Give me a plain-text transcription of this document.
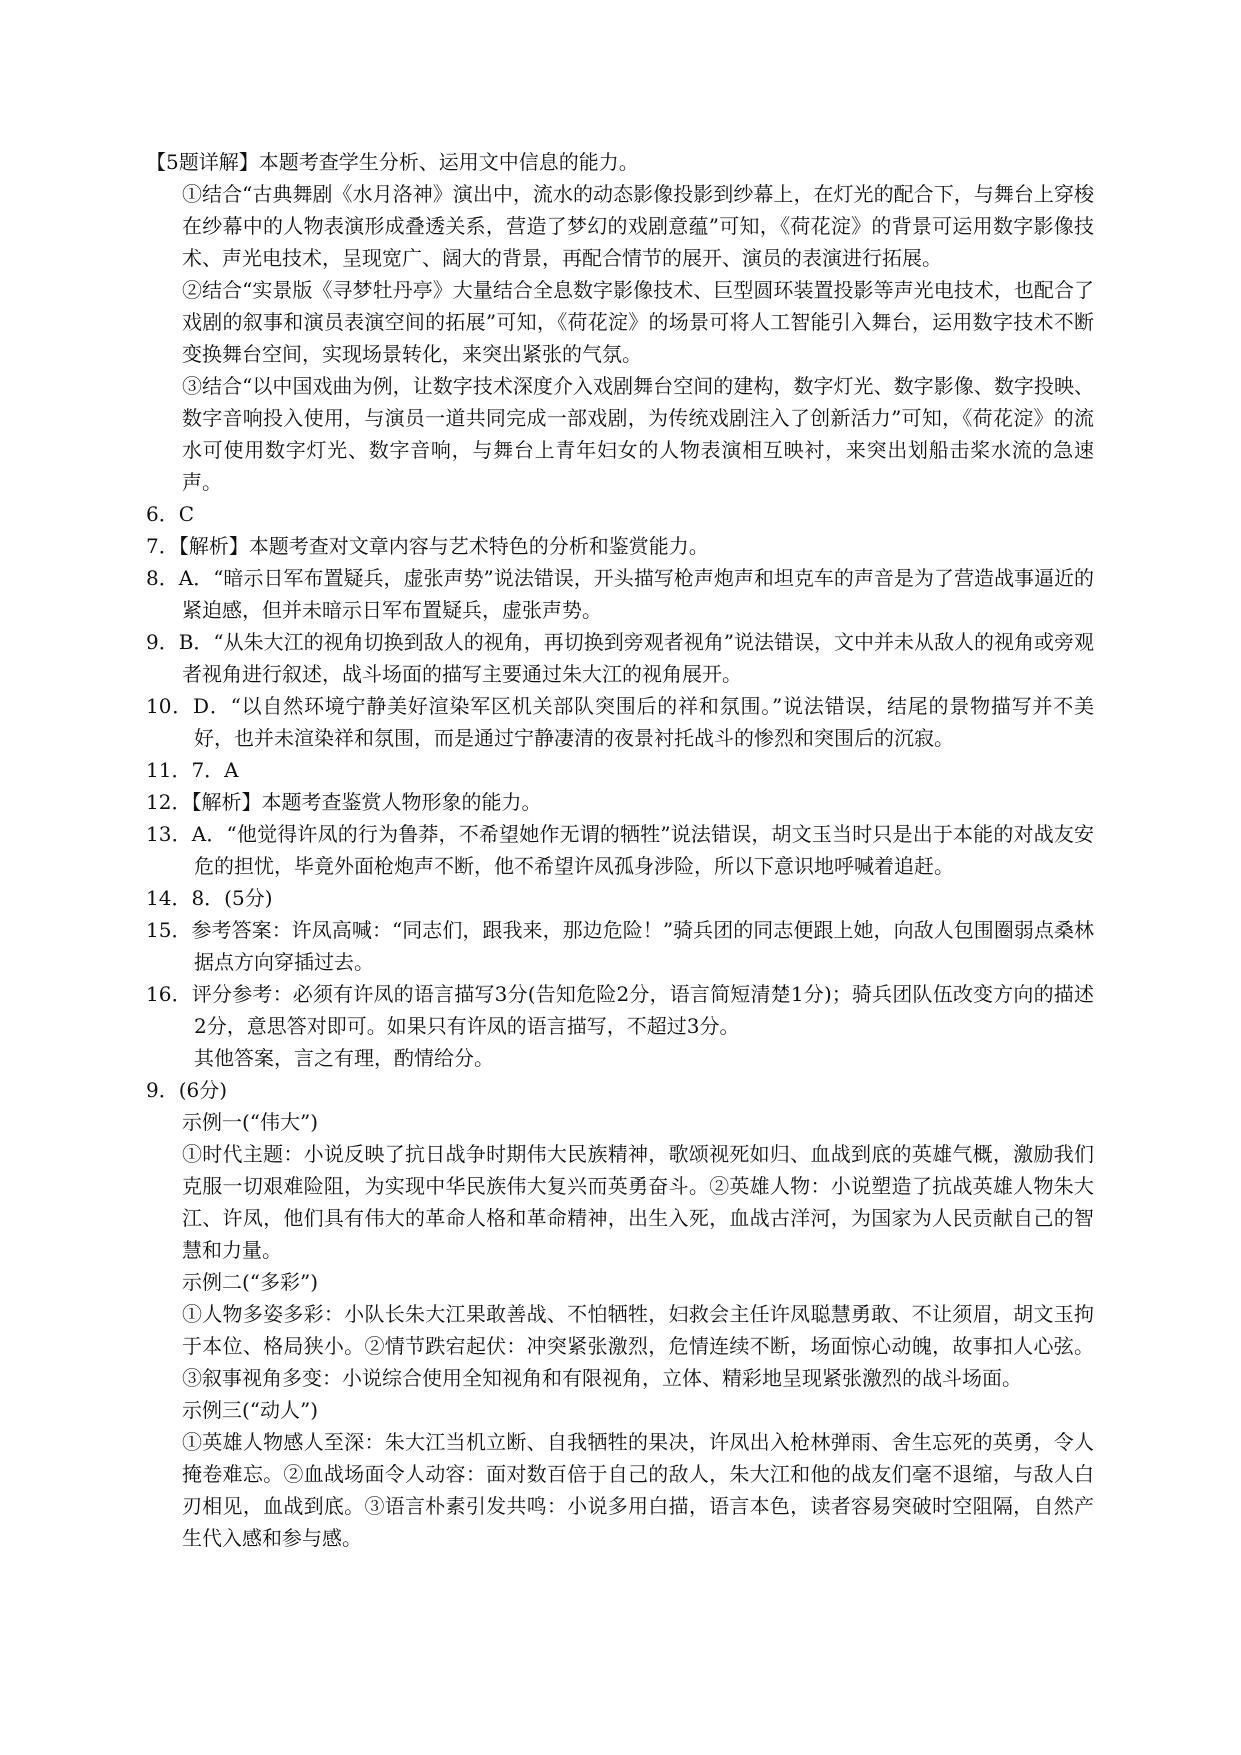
【5题详解】本题考查学生分析、运用文中信息的能力。

①结合“古典舞剧《水月洛神》演出中，流水的动态影像投影到纱幕上，在灯光的配合下，与舞台上穿梭在纱幕中的人物表演形成叠透关系，营造了梦幻的戏剧意蕴”可知，《荷花淀》的背景可运用数字影像技术、声光电技术，呈现宽广、阔大的背景，再配合情节的展开、演员的表演进行拓展。

②结合“实景版《寻梦牡丹亭》大量结合全息数字影像技术、巨型圆环装置投影等声光电技术，也配合了戏剧的叙事和演员表演空间的拓展”可知，《荷花淀》的场景可将人工智能引入舞台，运用数字技术不断变换舞台空间，实现场景转化，来突出紧张的气氛。

③结合“以中国戏曲为例，让数字技术深度介入戏剧舞台空间的建构，数字灯光、数字影像、数字投映、数字音响投入使用，与演员一道共同完成一部戏剧，为传统戏剧注入了创新活力”可知，《荷花淀》的流水可使用数字灯光、数字音响，与舞台上青年妇女的人物表演相互映衬，来突出划船击桨水流的急速声。

6．C

7．【解析】本题考查对文章内容与艺术特色的分析和鉴赏能力。

8．A．“暗示日军布置疑兵，虚张声势”说法错误，开头描写枪声炮声和坦克车的声音是为了营造战事逼近的紧迫感，但并未暗示日军布置疑兵，虚张声势。

9．B．“从朱大江的视角切换到敌人的视角，再切换到旁观者视角”说法错误，文中并未从敌人的视角或旁观者视角进行叙述，战斗场面的描写主要通过朱大江的视角展开。

10．D．“以自然环境宁静美好渲染军区机关部队突围后的祥和氛围。”说法错误，结尾的景物描写并不美好，也并未渲染祥和氛围，而是通过宁静凄清的夜景衬托战斗的惨烈和突围后的沉寂。

11．7．A

12．【解析】本题考查鉴赏人物形象的能力。

13．A．“他觉得许凤的行为鲁莽，不希望她作无谓的牺牲”说法错误，胡文玉当时只是出于本能的对战友安危的担忧，毕竟外面枪炮声不断，他不希望许凤孤身涉险，所以下意识地呼喊着追赶。

14．8．(5分)

15．参考答案：许凤高喊：“同志们，跟我来，那边危险！”骑兵团的同志便跟上她，向敌人包围圈弱点桑林据点方向穿插过去。

16．评分参考：必须有许凤的语言描写3分(告知危险2分，语言简短清楚1分)；骑兵团队伍改变方向的描述2分，意思答对即可。如果只有许凤的语言描写，不超过3分。

其他答案，言之有理，酌情给分。

9．(6分)

示例一(“伟大”)

①时代主题：小说反映了抗日战争时期伟大民族精神，歌颂视死如归、血战到底的英雄气概，激励我们克服一切艰难险阻，为实现中华民族伟大复兴而英勇奋斗。②英雄人物：小说塑造了抗战英雄人物朱大江、许凤，他们具有伟大的革命人格和革命精神，出生入死，血战古洋河，为国家为人民贡献自己的智慧和力量。

示例二(“多彩”)

①人物多姿多彩：小队长朱大江果敢善战、不怕牺牲，妇救会主任许凤聪慧勇敢、不让须眉，胡文玉拘于本位、格局狭小。②情节跌宕起伏：冲突紧张激烈，危情连续不断，场面惊心动魄，故事扣人心弦。③叙事视角多变：小说综合使用全知视角和有限视角，立体、精彩地呈现紧张激烈的战斗场面。

示例三(“动人”)

①英雄人物感人至深：朱大江当机立断、自我牺牲的果决，许凤出入枪林弹雨、舍生忘死的英勇，令人掩卷难忘。②血战场面令人动容：面对数百倍于自己的敌人，朱大江和他的战友们毫不退缩，与敌人白刃相见，血战到底。③语言朴素引发共鸣：小说多用白描，语言本色，读者容易突破时空阻隔，自然产生代入感和参与感。
